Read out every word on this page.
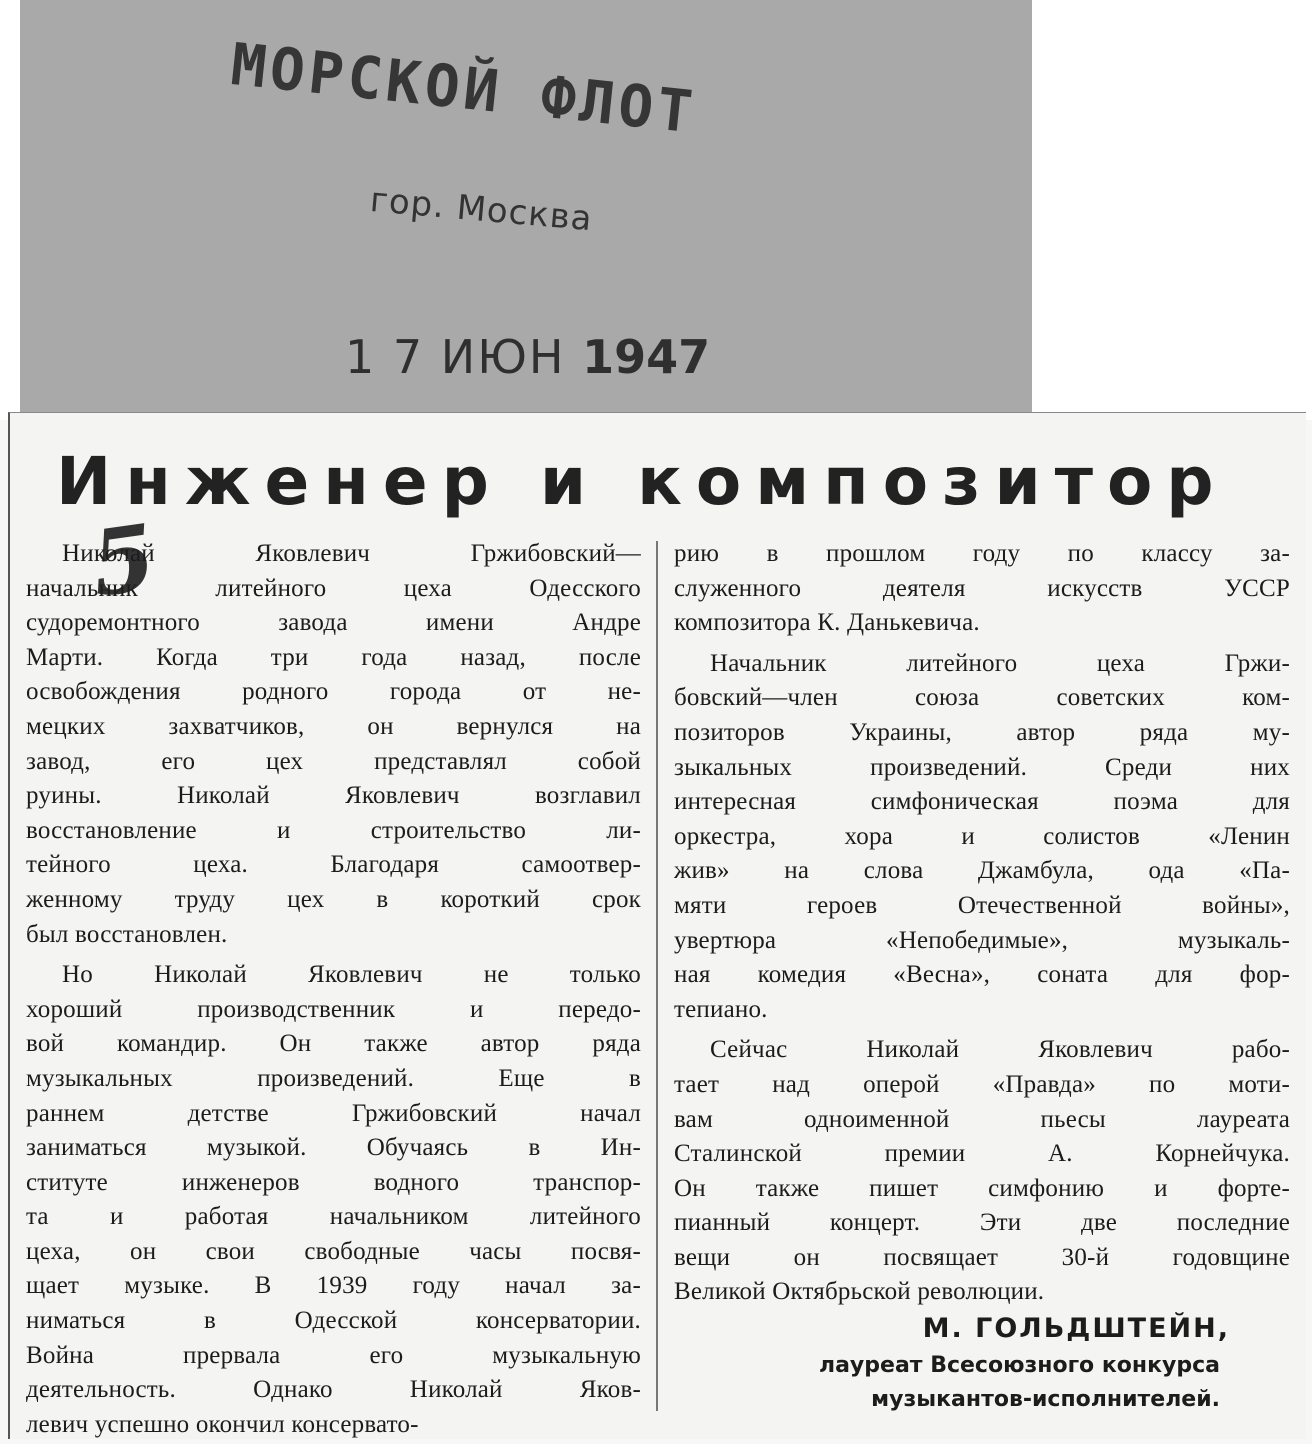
МОРСКОЙ ФЛОТ
гор. Москва
1 7 ИЮН 1947
Инженер и композитор
5
Николай Яковлевич Гржибовский—
начальник литейного цеха Одесского
судоремонтного завода имени Андре
Марти. Когда три года назад, после
освобождения родного города от не-
мецких захватчиков, он вернулся на
завод, его цех представлял собой
руины. Николай Яковлевич возглавил
восстановление и строительство ли-
тейного цеха. Благодаря самоотвер-
женному труду цех в короткий срок
был восстановлен.
Но Николай Яковлевич не только
хороший производственник и передо-
вой командир. Он также автор ряда
музыкальных произведений. Еще в
раннем детстве Гржибовский начал
заниматься музыкой. Обучаясь в Ин-
ституте инженеров водного транспор-
та и работая начальником литейного
цеха, он свои свободные часы посвя-
щает музыке. В 1939 году начал за-
ниматься в Одесской консерватории.
Война прервала его музыкальную
деятельность. Однако Николай Яков-
левич успешно окончил консервато-
рию в прошлом году по классу за-
служенного деятеля искусств УССР
композитора К. Данькевича.
Начальник литейного цеха Гржи-
бовский—член союза советских ком-
позиторов Украины, автор ряда му-
зыкальных произведений. Среди них
интересная симфоническая поэма для
оркестра, хора и солистов «Ленин
жив» на слова Джамбула, ода «Па-
мяти героев Отечественной войны»,
увертюра «Непобедимые», музыкаль-
ная комедия «Весна», соната для фор-
тепиано.
Сейчас Николай Яковлевич рабо-
тает над оперой «Правда» по моти-
вам одноименной пьесы лауреата
Сталинской премии А. Корнейчука.
Он также пишет симфонию и форте-
пианный концерт. Эти две последние
вещи он посвящает 30-й годовщине
Великой Октябрьской революции.
М. ГОЛЬДШТЕЙН,
лауреат Всесоюзного конкурса
музыкантов-исполнителей.
